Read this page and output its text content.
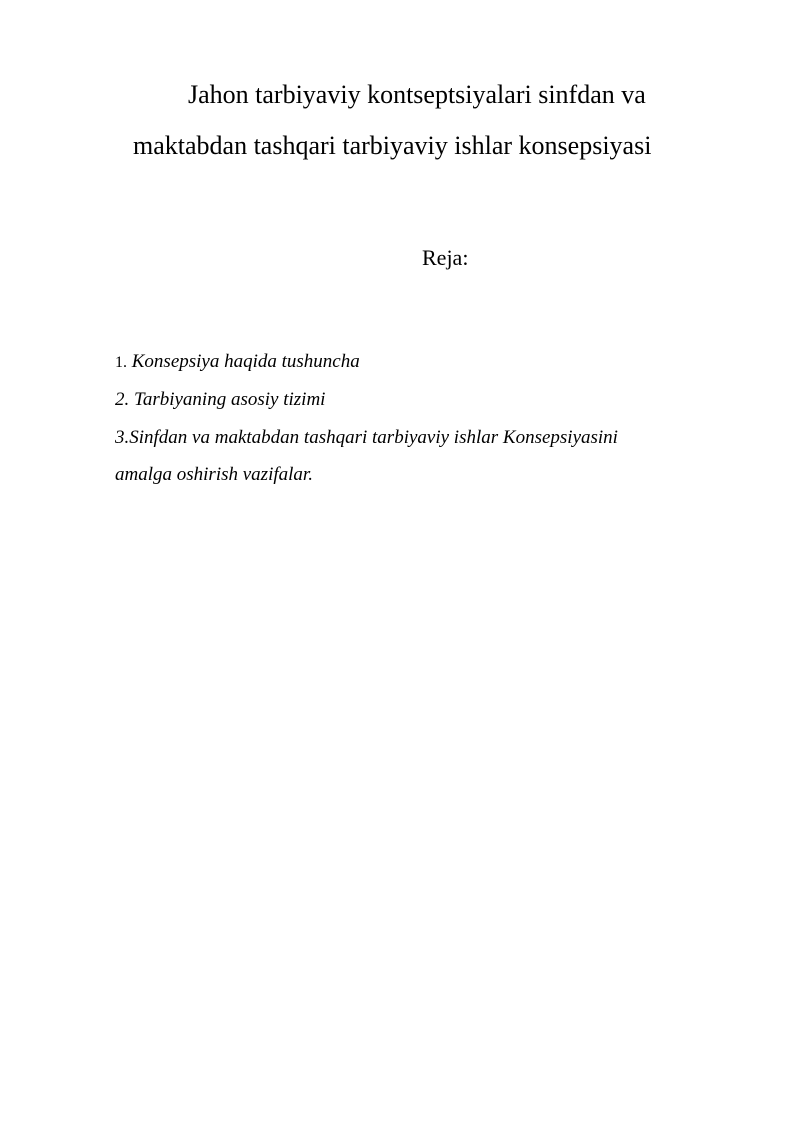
Jahon tarbiyaviy kontseptsiyalari sinfdan va
maktabdan tashqari tarbiyaviy ishlar konsepsiyasi
Reja:

1. Konsepsiya haqida tushuncha

2. Tarbiyaning asosiy tizimi

3.Sinfdan va maktabdan tashqari tarbiyaviy ishlar Konsepsiyasini

amalga oshirish vazifalar.
